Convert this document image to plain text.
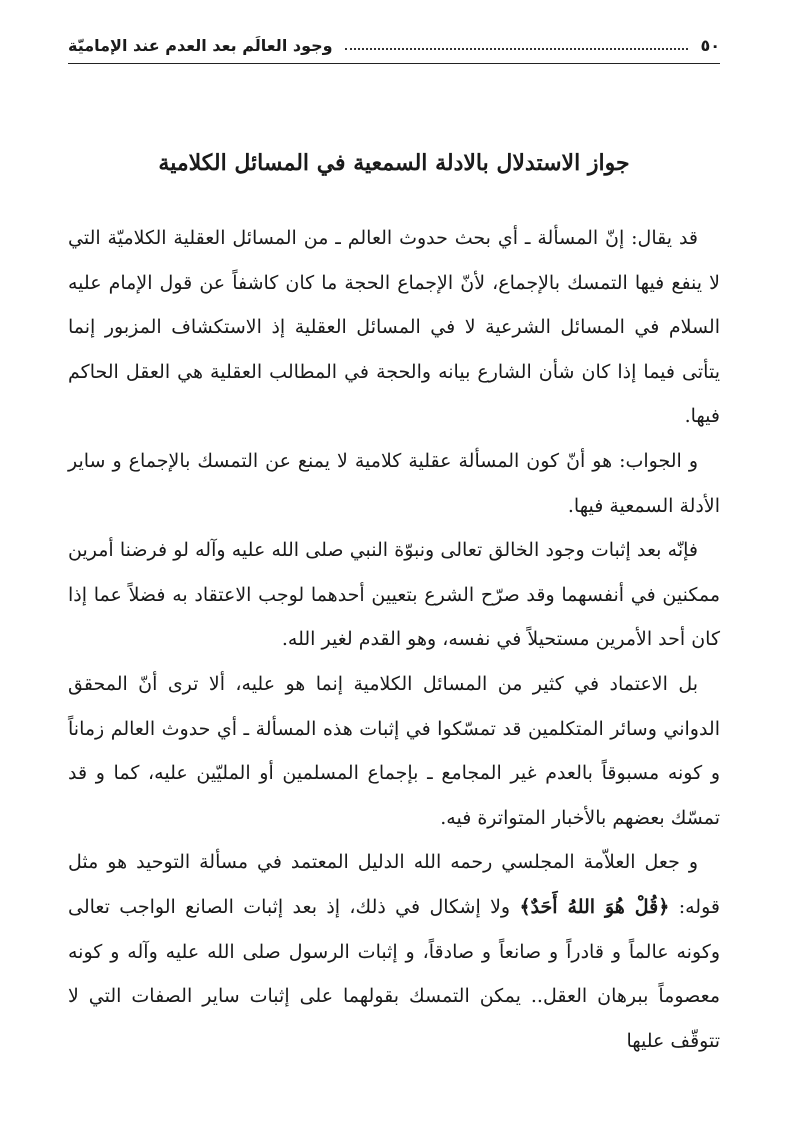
٥٠
وجود العالَم بعد العدم عند الإماميّة
جواز الاستدلال بالادلة السمعية في المسائل الكلامية

قد يقال: إنّ المسألة ـ أي بحث حدوث العالم ـ من المسائل العقلية الكلاميّة التي لا ينفع فيها التمسك بالإجماع، لأنّ الإجماع الحجة ما كان كاشفاً عن قول الإمام عليه السلام في المسائل الشرعية لا في المسائل العقلية إذ الاستكشاف المزبور إنما يتأتى فيما إذا كان شأن الشارع بيانه والحجة في المطالب العقلية هي العقل الحاكم فيها.

و الجواب: هو أنّ كون المسألة عقلية كلامية لا يمنع عن التمسك بالإجماع و ساير الأدلة السمعية فيها.

فإنّه بعد إثبات وجود الخالق تعالى ونبوّة النبي صلى الله عليه وآله لو فرضنا أمرين ممكنين في أنفسهما وقد صرّح الشرع بتعيين أحدهما لوجب الاعتقاد به فضلاً عما إذا كان أحد الأمرين مستحيلاً في نفسه، وهو القدم لغير الله.

بل الاعتماد في كثير من المسائل الكلامية إنما هو عليه، ألا ترى أنّ المحقق الدواني وسائر المتكلمين قد تمسّكوا في إثبات هذه المسألة ـ أي حدوث العالم زماناً و كونه مسبوقاً بالعدم غير المجامع ـ بإجماع المسلمين أو المليّين عليه، كما و قد تمسّك بعضهم بالأخبار المتواترة فيه.

و جعل العلاّمة المجلسي رحمه الله الدليل المعتمد في مسألة التوحيد هو مثل قوله: ﴿قُلْ هُوَ اللهُ أَحَدٌ﴾ ولا إشكال في ذلك، إذ بعد إثبات الصانع الواجب تعالى وكونه عالماً و قادراً و صانعاً و صادقاً، و إثبات الرسول صلى الله عليه وآله و كونه معصوماً ببرهان العقل.. يمكن التمسك بقولهما على إثبات ساير الصفات التي لا تتوقّف عليها
